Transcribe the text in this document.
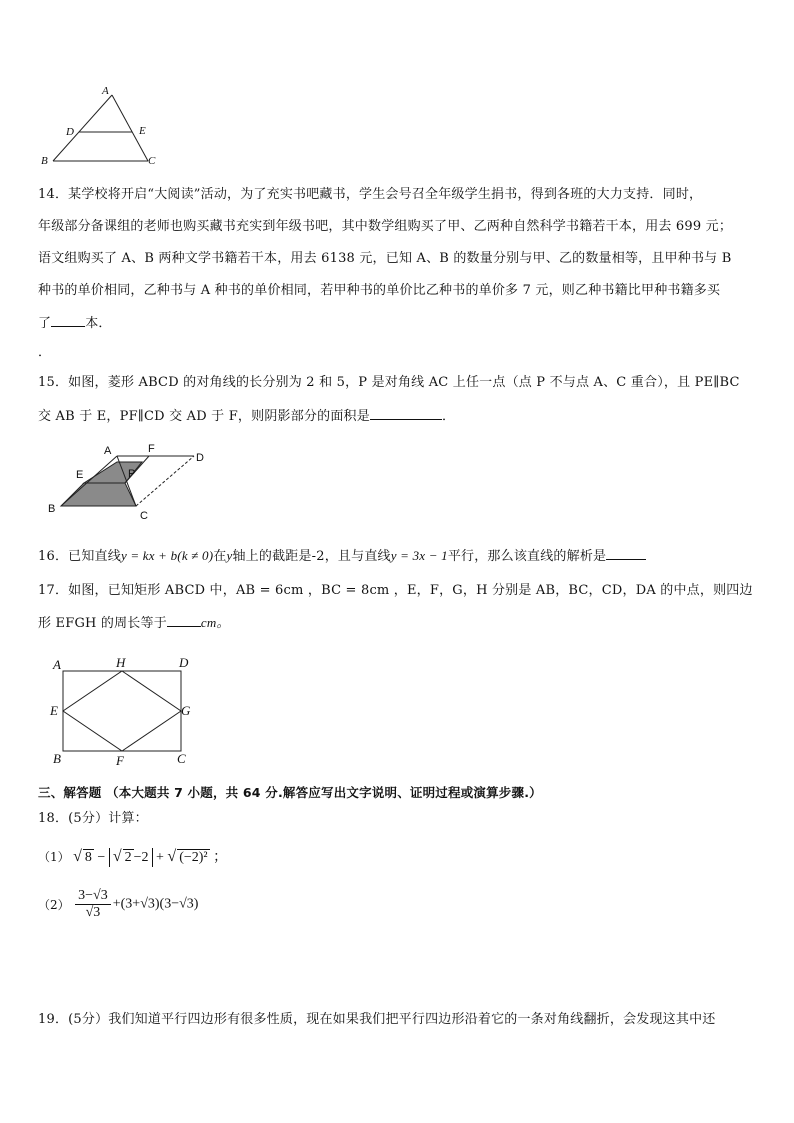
A
D	E
B	C
14．某学校将开启“大阅读”活动，为了充实书吧藏书，学生会号召全年级学生捐书，得到各班的大力支持．同时，
年级部分备课组的老师也购买藏书充实到年级书吧，其中数学组购买了甲、乙两种自然科学书籍若干本，用去 699 元；
语文组购买了 A、B 两种文学书籍若干本，用去 6138 元，已知 A、B 的数量分别与甲、乙的数量相等，且甲种书与 B
种书的单价相同，乙种书与 A 种书的单价相同，若甲种书的单价比乙种书的单价多 7 元，则乙种书籍比甲种书籍多买
了	本．
．
15．如图，菱形 ABCD 的对角线的长分别为 2 和 5，P 是对角线 AC 上任一点（点 P 不与点 A、C 重合），且 PE∥BC
交 AB 于 E，PF∥CD 交 AD 于 F，则阴影部分的面积是	．
A	F
D
E	P
B
C
16．已知直线y = kx + b(k ≠ 0)在y轴上的截距是-2，且与直线y = 3x − 1平行，那么该直线的解析是
17．如图，已知矩形 ABCD 中，AB = 6cm ，BC = 8cm ，E，F，G，H 分别是 AB，BC，CD，DA 的中点，则四边
形 EFGH 的周长等于	cm。
A	H	D
E	G
B	F	C
三、解答题 （本大题共 7 小题，共 64 分.解答应写出文字说明、证明过程或演算步骤.）
18．(5分）计算：
（1） √ 8 − √ 2 −2 + √ (−2)² ；
$(2) \frac{3-√3}{√3} +(3+√3)(3-√3)$
19．(5分）我们知道平行四边形有很多性质，现在如果我们把平行四边形沿着它的一条对角线翻折，会发现这其中还
